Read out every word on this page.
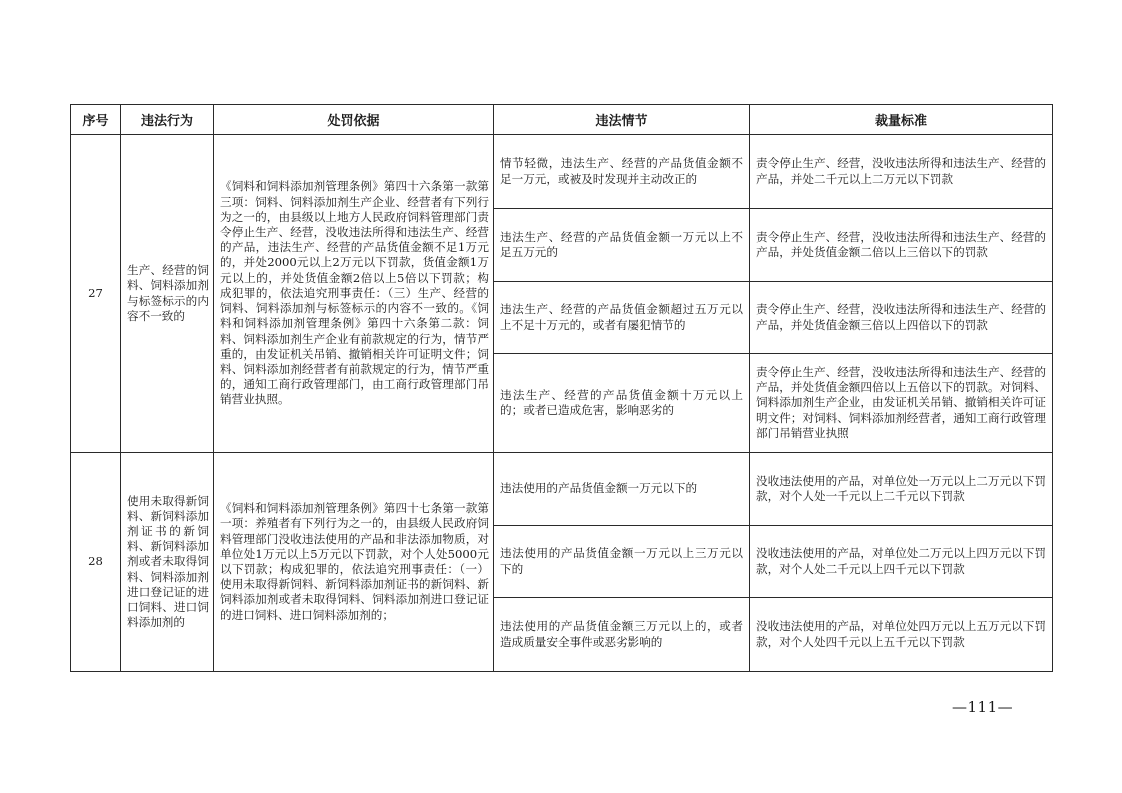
序号	违法行为	处罚依据	违法情节	裁量标准
27	生产、经营的饲料、饲料添加剂与标签标示的内容不一致的	《饲料和饲料添加剂管理条例》第四十六条第一款第三项：饲料、饲料添加剂生产企业、经营者有下列行为之一的，由县级以上地方人民政府饲料管理部门责令停止生产、经营，没收违法所得和违法生产、经营的产品，违法生产、经营的产品货值金额不足1万元的，并处2000元以上2万元以下罚款，货值金额1万元以上的，并处货值金额2倍以上5倍以下罚款；构成犯罪的，依法追究刑事责任：（三）生产、经营的饲料、饲料添加剂与标签标示的内容不一致的。《饲料和饲料添加剂管理条例》第四十六条第二款：饲料、饲料添加剂生产企业有前款规定的行为，情节严重的，由发证机关吊销、撤销相关许可证明文件；饲料、饲料添加剂经营者有前款规定的行为，情节严重的，通知工商行政管理部门，由工商行政管理部门吊销营业执照。	情节轻微，违法生产、经营的产品货值金额不足一万元，或被及时发现并主动改正的	责令停止生产、经营，没收违法所得和违法生产、经营的产品，并处二千元以上二万元以下罚款
			违法生产、经营的产品货值金额一万元以上不足五万元的	责令停止生产、经营，没收违法所得和违法生产、经营的产品，并处货值金额二倍以上三倍以下的罚款
			违法生产、经营的产品货值金额超过五万元以上不足十万元的，或者有屡犯情节的	责令停止生产、经营，没收违法所得和违法生产、经营的产品，并处货值金额三倍以上四倍以下的罚款
			违法生产、经营的产品货值金额十万元以上的；或者已造成危害，影响恶劣的	责令停止生产、经营，没收违法所得和违法生产、经营的产品，并处货值金额四倍以上五倍以下的罚款。对饲料、饲料添加剂生产企业，由发证机关吊销、撤销相关许可证明文件；对饲料、饲料添加剂经营者，通知工商行政管理部门吊销营业执照
28	使用未取得新饲料、新饲料添加剂证书的新饲料、新饲料添加剂或者未取得饲料、饲料添加剂进口登记证的进口饲料、进口饲料添加剂的	《饲料和饲料添加剂管理条例》第四十七条第一款第一项：养殖者有下列行为之一的，由县级人民政府饲料管理部门没收违法使用的产品和非法添加物质，对单位处1万元以上5万元以下罚款，对个人处5000元以下罚款；构成犯罪的，依法追究刑事责任：（一）使用未取得新饲料、新饲料添加剂证书的新饲料、新饲料添加剂或者未取得饲料、饲料添加剂进口登记证的进口饲料、进口饲料添加剂的；	违法使用的产品货值金额一万元以下的	没收违法使用的产品，对单位处一万元以上二万元以下罚款，对个人处一千元以上二千元以下罚款
			违法使用的产品货值金额一万元以上三万元以下的	没收违法使用的产品，对单位处二万元以上四万元以下罚款，对个人处二千元以上四千元以下罚款
			违法使用的产品货值金额三万元以上的，或者造成质量安全事件或恶劣影响的	没收违法使用的产品，对单位处四万元以上五万元以下罚款，对个人处四千元以上五千元以下罚款
—111—
